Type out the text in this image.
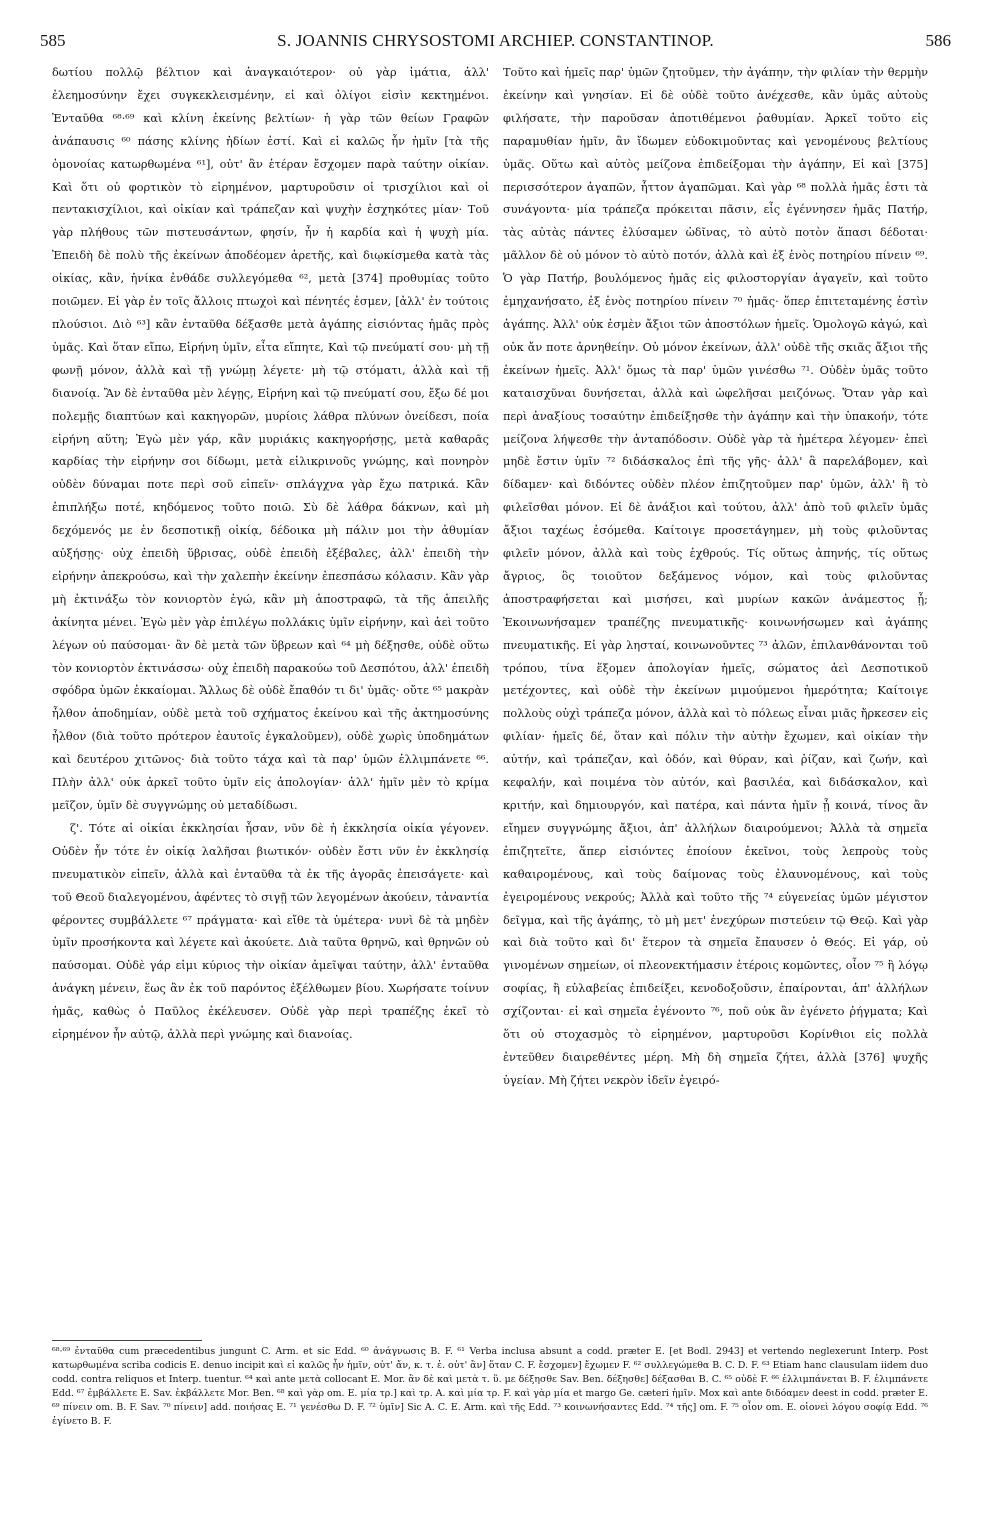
585	S. JOANNIS CHRYSOSTOMI ARCHIEP. CONSTANTINOP.	586

δωτίου πολλῷ βέλτιον καὶ ἀναγκαιότερον· οὐ γὰρ ἱμάτια, ἀλλ' ἐλεημοσύνην ἔχει συγκεκλεισμένην, εἰ καὶ ὀλίγοι εἰσὶν κεκτημένοι. Ἐνταῦθα ⁶⁸·⁶⁹ καὶ κλίνη ἐκείνης βελτίων· ἡ γὰρ τῶν θείων Γραφῶν ἀνάπαυσις ⁶⁰ πάσης κλίνης ἡδίων ἐστί. Καὶ εἰ καλῶς ἦν ἡμῖν [τὰ τῆς ὁμονοίας κατωρθωμένα ⁶¹], οὐτ' ἂν ἑτέραν ἔσχομεν παρὰ ταύτην οἰκίαν. Καὶ ὅτι οὐ φορτικὸν τὸ εἰρημένον, μαρτυροῦσιν οἱ τρισχίλιοι καὶ οἱ πεντακισχίλιοι, καὶ οἰκίαν καὶ τράπεζαν καὶ ψυχὴν ἐσχηκότες μίαν· Τοῦ γὰρ πλήθους τῶν πιστευσάντων, φησίν, ἦν ἡ καρδία καὶ ἡ ψυχὴ μία. Ἐπειδὴ δὲ πολὺ τῆς ἐκείνων ἀποδέομεν ἀρετῆς, καὶ διῳκίσμεθα κατὰ τὰς οἰκίας, κἂν, ἡνίκα ἐνθάδε συλλεγόμεθα ⁶², μετὰ [374] προθυμίας τοῦτο ποιῶμεν. Εἰ γὰρ ἐν τοῖς ἄλλοις πτωχοὶ καὶ πένητές ἐσμεν, [ἀλλ' ἐν τούτοις πλούσιοι. Διὸ ⁶³] κἂν ἐνταῦθα δέξασθε μετὰ ἀγάπης εἰσιόντας ἡμᾶς πρὸς ὑμᾶς. Καὶ ὅταν εἴπω, Εἰρήνη ὑμῖν, εἶτα εἴπητε, Καὶ τῷ πνεύματί σου· μὴ τῇ φωνῇ μόνον, ἀλλὰ καὶ τῇ γνώμῃ λέγετε· μὴ τῷ στόματι, ἀλλὰ καὶ τῇ διανοίᾳ. Ἂν δὲ ἐνταῦθα μὲν λέγῃς, Εἰρήνη καὶ τῷ πνεύματί σου, ἔξω δέ μοι πολεμῇς διαπτύων καὶ κακηγορῶν, μυρίοις λάθρα πλύνων ὀνείδεσι, ποία εἰρήνη αὕτη; Ἐγὼ μὲν γάρ, κἂν μυριάκις κακηγορήσῃς, μετὰ καθαρᾶς καρδίας τὴν εἰρήνην σοι δίδωμι, μετὰ εἰλικρινοῦς γνώμης, καὶ πονηρὸν οὐδὲν δύναμαι ποτε περὶ σοῦ εἰπεῖν· σπλάγχνα γὰρ ἔχω πατρικά. Κἂν ἐπιπλήξω ποτέ, κηδόμενος τοῦτο ποιῶ. Σὺ δὲ λάθρα δάκνων, καὶ μὴ δεχόμενός με ἐν δεσποτικῇ οἰκίᾳ, δέδοικα μὴ πάλιν μοι τὴν ἀθυμίαν αὐξήσῃς· οὐχ ἐπειδὴ ὕβρισας, οὐδὲ ἐπειδὴ ἐξέβαλες, ἀλλ' ἐπειδὴ τὴν εἰρήνην ἀπεκρούσω, καὶ τὴν χαλεπὴν ἐκείνην ἐπεσπάσω κόλασιν. Κἂν γὰρ μὴ ἐκτινάξω τὸν κονιορτὸν ἐγώ, κἂν μὴ ἀποστραφῶ, τὰ τῆς ἀπειλῆς ἀκίνητα μένει. Ἐγὼ μὲν γὰρ ἐπιλέγω πολλάκις ὑμῖν εἰρήνην, καὶ ἀεὶ τοῦτο λέγων οὐ παύσομαι· ἂν δὲ μετὰ τῶν ὕβρεων καὶ ⁶⁴ μὴ δέξησθε, οὐδὲ οὕτω τὸν κονιορτὸν ἐκτινάσσω· οὐχ ἐπειδὴ παρακούω τοῦ Δεσπότου, ἀλλ' ἐπειδὴ σφόδρα ὑμῶν ἐκκαίομαι. Ἄλλως δὲ οὐδὲ ἔπαθόν τι δι' ὑμᾶς· οὔτε ⁶⁵ μακρὰν ἦλθον ἀποδημίαν, οὐδὲ μετὰ τοῦ σχήματος ἐκείνου καὶ τῆς ἀκτημοσύνης ἦλθον (διὰ τοῦτο πρότερον ἑαυτοῖς ἐγκαλοῦμεν), οὐδὲ χωρὶς ὑποδημάτων καὶ δευτέρου χιτῶνος· διὰ τοῦτο τάχα καὶ τὰ παρ' ὑμῶν ἐλλιμπάνετε ⁶⁶. Πλὴν ἀλλ' οὐκ ἀρκεῖ τοῦτο ὑμῖν εἰς ἀπολογίαν· ἀλλ' ἡμῖν μὲν τὸ κρίμα μεῖζον, ὑμῖν δὲ συγγνώμης οὐ μεταδίδωσι.

ζ'. Τότε αἱ οἰκίαι ἐκκλησίαι ἦσαν, νῦν δὲ ἡ ἐκκλησία οἰκία γέγονεν. Οὐδὲν ἦν τότε ἐν οἰκίᾳ λαλῆσαι βιωτικόν· οὐδὲν ἔστι νῦν ἐν ἐκκλησίᾳ πνευματικὸν εἰπεῖν, ἀλλὰ καὶ ἐνταῦθα τὰ ἐκ τῆς ἀγορᾶς ἐπεισάγετε· καὶ τοῦ Θεοῦ διαλεγομένου, ἀφέντες τὸ σιγῇ τῶν λεγομένων ἀκούειν, τἀναντία φέροντες συμβάλλετε ⁶⁷ πράγματα· καὶ εἴθε τὰ ὑμέτερα· νυνὶ δὲ τὰ μηδὲν ὑμῖν προσήκοντα καὶ λέγετε καὶ ἀκούετε. Διὰ ταῦτα θρηνῶ, καὶ θρηνῶν οὐ παύσομαι. Οὐδὲ γάρ εἰμι κύριος τὴν οἰκίαν ἀμεῖψαι ταύτην, ἀλλ' ἐνταῦθα ἀνάγκη μένειν, ἕως ἂν ἐκ τοῦ παρόντος ἐξέλθωμεν βίου. Χωρήσατε τοίνυν ἡμᾶς, καθὼς ὁ Παῦλος ἐκέλευσεν. Οὐδὲ γὰρ περὶ τραπέζης ἐκεῖ τὸ εἰρημένον ἦν αὐτῷ, ἀλλὰ περὶ γνώμης καὶ διανοίας.

Τοῦτο καὶ ἡμεῖς παρ' ὑμῶν ζητοῦμεν, τὴν ἀγάπην, τὴν φιλίαν τὴν θερμὴν ἐκείνην καὶ γνησίαν. Εἰ δὲ οὐδὲ τοῦτο ἀνέχεσθε, κἂν ὑμᾶς αὐτοὺς φιλήσατε, τὴν παροῦσαν ἀποτιθέμενοι ῥαθυμίαν. Ἀρκεῖ τοῦτο εἰς παραμυθίαν ἡμῖν, ἂν ἴδωμεν εὐδοκιμοῦντας καὶ γενομένους βελτίους ὑμᾶς. Οὕτω καὶ αὐτὸς μείζονα ἐπιδείξομαι τὴν ἀγάπην, Εἰ καὶ [375] περισσότερον ἀγαπῶν, ἧττον ἀγαπῶμαι. Καὶ γὰρ ⁶⁸ πολλὰ ἡμᾶς ἐστι τὰ συνάγοντα· μία τράπεζα πρόκειται πᾶσιν, εἷς ἐγέννησεν ἡμᾶς Πατήρ, τὰς αὐτὰς πάντες ἐλύσαμεν ὠδῖνας, τὸ αὐτὸ ποτὸν ἅπασι δέδοται· μᾶλλον δὲ οὐ μόνον τὸ αὐτὸ ποτόν, ἀλλὰ καὶ ἐξ ἑνὸς ποτηρίου πίνειν ⁶⁹. Ὁ γὰρ Πατήρ, βουλόμενος ἡμᾶς εἰς φιλοστοργίαν ἀγαγεῖν, καὶ τοῦτο ἐμηχανήσατο, ἐξ ἑνὸς ποτηρίου πίνειν ⁷⁰ ἡμᾶς· ὅπερ ἐπιτεταμένης ἐστὶν ἀγάπης. Ἀλλ' οὐκ ἐσμὲν ἄξιοι τῶν ἀποστόλων ἡμεῖς. Ὁμολογῶ κἀγώ, καὶ οὐκ ἄν ποτε ἀρνηθείην. Οὐ μόνον ἐκείνων, ἀλλ' οὐδὲ τῆς σκιᾶς ἄξιοι τῆς ἐκείνων ἡμεῖς. Ἀλλ' ὅμως τὰ παρ' ὑμῶν γινέσθω ⁷¹. Οὐδὲν ὑμᾶς τοῦτο καταισχῦναι δυνήσεται, ἀλλὰ καὶ ὠφελῆσαι μειζόνως. Ὅταν γὰρ καὶ περὶ ἀναξίους τοσαύτην ἐπιδείξησθε τὴν ἀγάπην καὶ τὴν ὑπακοήν, τότε μείζονα λήψεσθε τὴν ἀνταπόδοσιν. Οὐδὲ γὰρ τὰ ἡμέτερα λέγομεν· ἐπεὶ μηδὲ ἔστιν ὑμῖν ⁷² διδάσκαλος ἐπὶ τῆς γῆς· ἀλλ' ἃ παρελάβομεν, καὶ δίδαμεν· καὶ διδόντες οὐδὲν πλέον ἐπιζητοῦμεν παρ' ὑμῶν, ἀλλ' ἢ τὸ φιλεῖσθαι μόνον. Εἰ δὲ ἀνάξιοι καὶ τούτου, ἀλλ' ἀπὸ τοῦ φιλεῖν ὑμᾶς ἄξιοι ταχέως ἐσόμεθα. Καίτοιγε προσετάγημεν, μὴ τοὺς φιλοῦντας φιλεῖν μόνον, ἀλλὰ καὶ τοὺς ἐχθρούς. Τίς οὕτως ἀπηνής, τίς οὕτως ἄγριος, ὃς τοιοῦτον δεξάμενος νόμον, καὶ τοὺς φιλοῦντας ἀποστραφήσεται καὶ μισήσει, καὶ μυρίων κακῶν ἀνάμεστος ᾖ; Ἐκοινωνήσαμεν τραπέζης πνευματικῆς· κοινωνήσωμεν καὶ ἀγάπης πνευματικῆς. Εἰ γὰρ λησταί, κοινωνοῦντες ⁷³ ἁλῶν, ἐπιλανθάνονται τοῦ τρόπου, τίνα ἕξομεν ἀπολογίαν ἡμεῖς, σώματος ἀεὶ Δεσποτικοῦ μετέχοντες, καὶ οὐδὲ τὴν ἐκείνων μιμούμενοι ἡμερότητα; Καίτοιγε πολλοὺς οὐχὶ τράπεζα μόνον, ἀλλὰ καὶ τὸ πόλεως εἶναι μιᾶς ἤρκεσεν εἰς φιλίαν· ἡμεῖς δέ, ὅταν καὶ πόλιν τὴν αὐτὴν ἔχωμεν, καὶ οἰκίαν τὴν αὐτήν, καὶ τράπεζαν, καὶ ὁδόν, καὶ θύραν, καὶ ῥίζαν, καὶ ζωήν, καὶ κεφαλήν, καὶ ποιμένα τὸν αὐτόν, καὶ βασιλέα, καὶ διδάσκαλον, καὶ κριτήν, καὶ δημιουργόν, καὶ πατέρα, καὶ πάντα ἡμῖν ᾖ κοινά, τίνος ἂν εἴημεν συγγνώμης ἄξιοι, ἀπ' ἀλλήλων διαιρούμενοι; Ἀλλὰ τὰ σημεῖα ἐπιζητεῖτε, ἅπερ εἰσιόντες ἐποίουν ἐκεῖνοι, τοὺς λεπροὺς τοὺς καθαιρομένους, καὶ τοὺς δαίμονας τοὺς ἐλαυνομένους, καὶ τοὺς ἐγειρομένους νεκρούς; Ἀλλὰ καὶ τοῦτο τῆς ⁷⁴ εὐγενείας ὑμῶν μέγιστον δεῖγμα, καὶ τῆς ἀγάπης, τὸ μὴ μετ' ἐνεχύρων πιστεύειν τῷ Θεῷ. Καὶ γὰρ καὶ διὰ τοῦτο καὶ δι' ἕτερον τὰ σημεῖα ἔπαυσεν ὁ Θεός. Εἰ γάρ, οὐ γινομένων σημείων, οἱ πλεονεκτήμασιν ἑτέροις κομῶντες, οἷον ⁷⁵ ἢ λόγῳ σοφίας, ἢ εὐλαβείας ἐπιδείξει, κενοδοξοῦσιν, ἐπαίρονται, ἀπ' ἀλλήλων σχίζονται· εἰ καὶ σημεῖα ἐγένοντο ⁷⁶, ποῦ οὐκ ἂν ἐγένετο ῥήγματα; Καὶ ὅτι οὐ στοχασμὸς τὸ εἰρημένον, μαρτυροῦσι Κορίνθιοι εἰς πολλὰ ἐντεῦθεν διαιρεθέντες μέρη. Μὴ δὴ σημεῖα ζήτει, ἀλλὰ [376] ψυχῆς ὑγείαν. Μὴ ζήτει νεκρὸν ἰδεῖν ἐγειρό-

⁶⁸·⁶⁹ ἐνταῦθα cum præcedentibus jungunt C. Arm. et sic Edd. ⁶⁰ ἀνάγνωσις B. F. ⁶¹ Verba inclusa absunt a codd. præter E. [et Bodl. 2943] et vertendo neglexerunt Interp. Post κατωρθωμένα scriba codicis E. denuo incipit καὶ εἰ καλῶς ἦν ἡμῖν, οὐτ' ἄν, κ. τ. ἑ. οὐτ' ἂν] ὅταν C. F. ἔσχομεν] ἔχωμεν F. ⁶² συλλεγώμεθα B. C. D. F. ⁶³ Etiam hanc clausulam iidem duo codd. contra reliquos et Interp. tuentur. ⁶⁴ καὶ ante μετὰ collocant E. Mor. ἂν δὲ καὶ μετὰ τ. ὕ. με δέξησθε Sav. Ben. δέξησθε] δέξασθαι B. C. ⁶⁵ οὐδὲ F. ⁶⁶ ἐλλιμπάνεται B. F. ἐλιμπάνετε Edd. ⁶⁷ ἐμβάλλετε E. Sav. ἐκβάλλετε Mor. Ben. ⁶⁸ καὶ γὰρ om. E. μία τρ.] καὶ τρ. A. καὶ μία τρ. F. καὶ γὰρ μία et margo Ge. cæteri ἡμῖν. Mox καὶ ante διδόαμεν deest in codd. præter E. ⁶⁹ πίνειν om. B. F. Sav. ⁷⁰ πίνειν] add. ποιήσας E. ⁷¹ γενέσθω D. F. ⁷² ὑμῖν] Sic A. C. E. Arm. καὶ τῆς Edd. ⁷³ κοινωνήσαντες Edd. ⁷⁴ τῆς] om. F. ⁷⁵ οἷον om. E. οἱονεὶ λόγου σοφίᾳ Edd. ⁷⁶ ἐγίνετο B. F.
